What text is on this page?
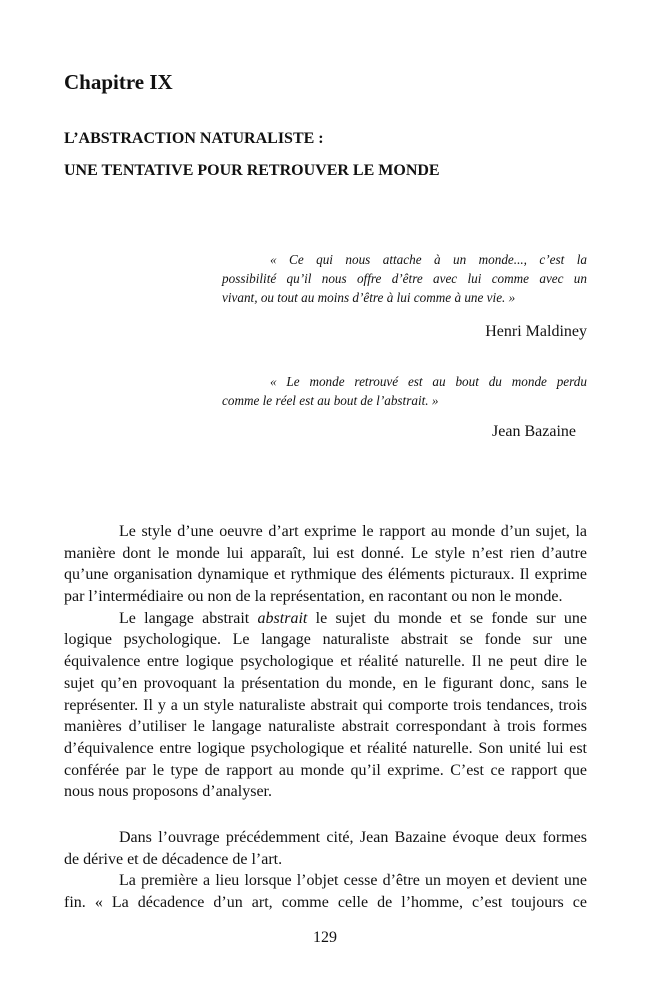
Chapitre IX
L’ABSTRACTION NATURALISTE :
UNE TENTATIVE POUR RETROUVER LE MONDE
« Ce qui nous attache à un monde..., c’est la
possibilité qu’il nous offre d’être avec lui comme avec un
vivant, ou tout au moins d’être à lui comme à une vie. »
Henri Maldiney
« Le monde retrouvé est au bout du monde perdu
comme le réel est au bout de l’abstrait. »
Jean Bazaine
Le style d’une oeuvre d’art exprime le rapport au monde d’un sujet, la
manière dont le monde lui apparaît, lui est donné. Le style n’est rien d’autre
qu’une organisation dynamique et rythmique des éléments picturaux. Il exprime
par l’intermédiaire ou non de la représentation, en racontant ou non le monde.
Le langage abstrait abstrait le sujet du monde et se fonde sur une
logique psychologique. Le langage naturaliste abstrait se fonde sur une
équivalence entre logique psychologique et réalité naturelle. Il ne peut dire le
sujet qu’en provoquant la présentation du monde, en le figurant donc, sans le
représenter. Il y a un style naturaliste abstrait qui comporte trois tendances, trois
manières d’utiliser le langage naturaliste abstrait correspondant à trois formes
d’équivalence entre logique psychologique et réalité naturelle. Son unité lui est
conférée par le type de rapport au monde qu’il exprime. C’est ce rapport que
nous nous proposons d’analyser.
Dans l’ouvrage précédemment cité, Jean Bazaine évoque deux formes
de dérive et de décadence de l’art.
La première a lieu lorsque l’objet cesse d’être un moyen et devient une
fin. « La décadence d’un art, comme celle de l’homme, c’est toujours ce
129
